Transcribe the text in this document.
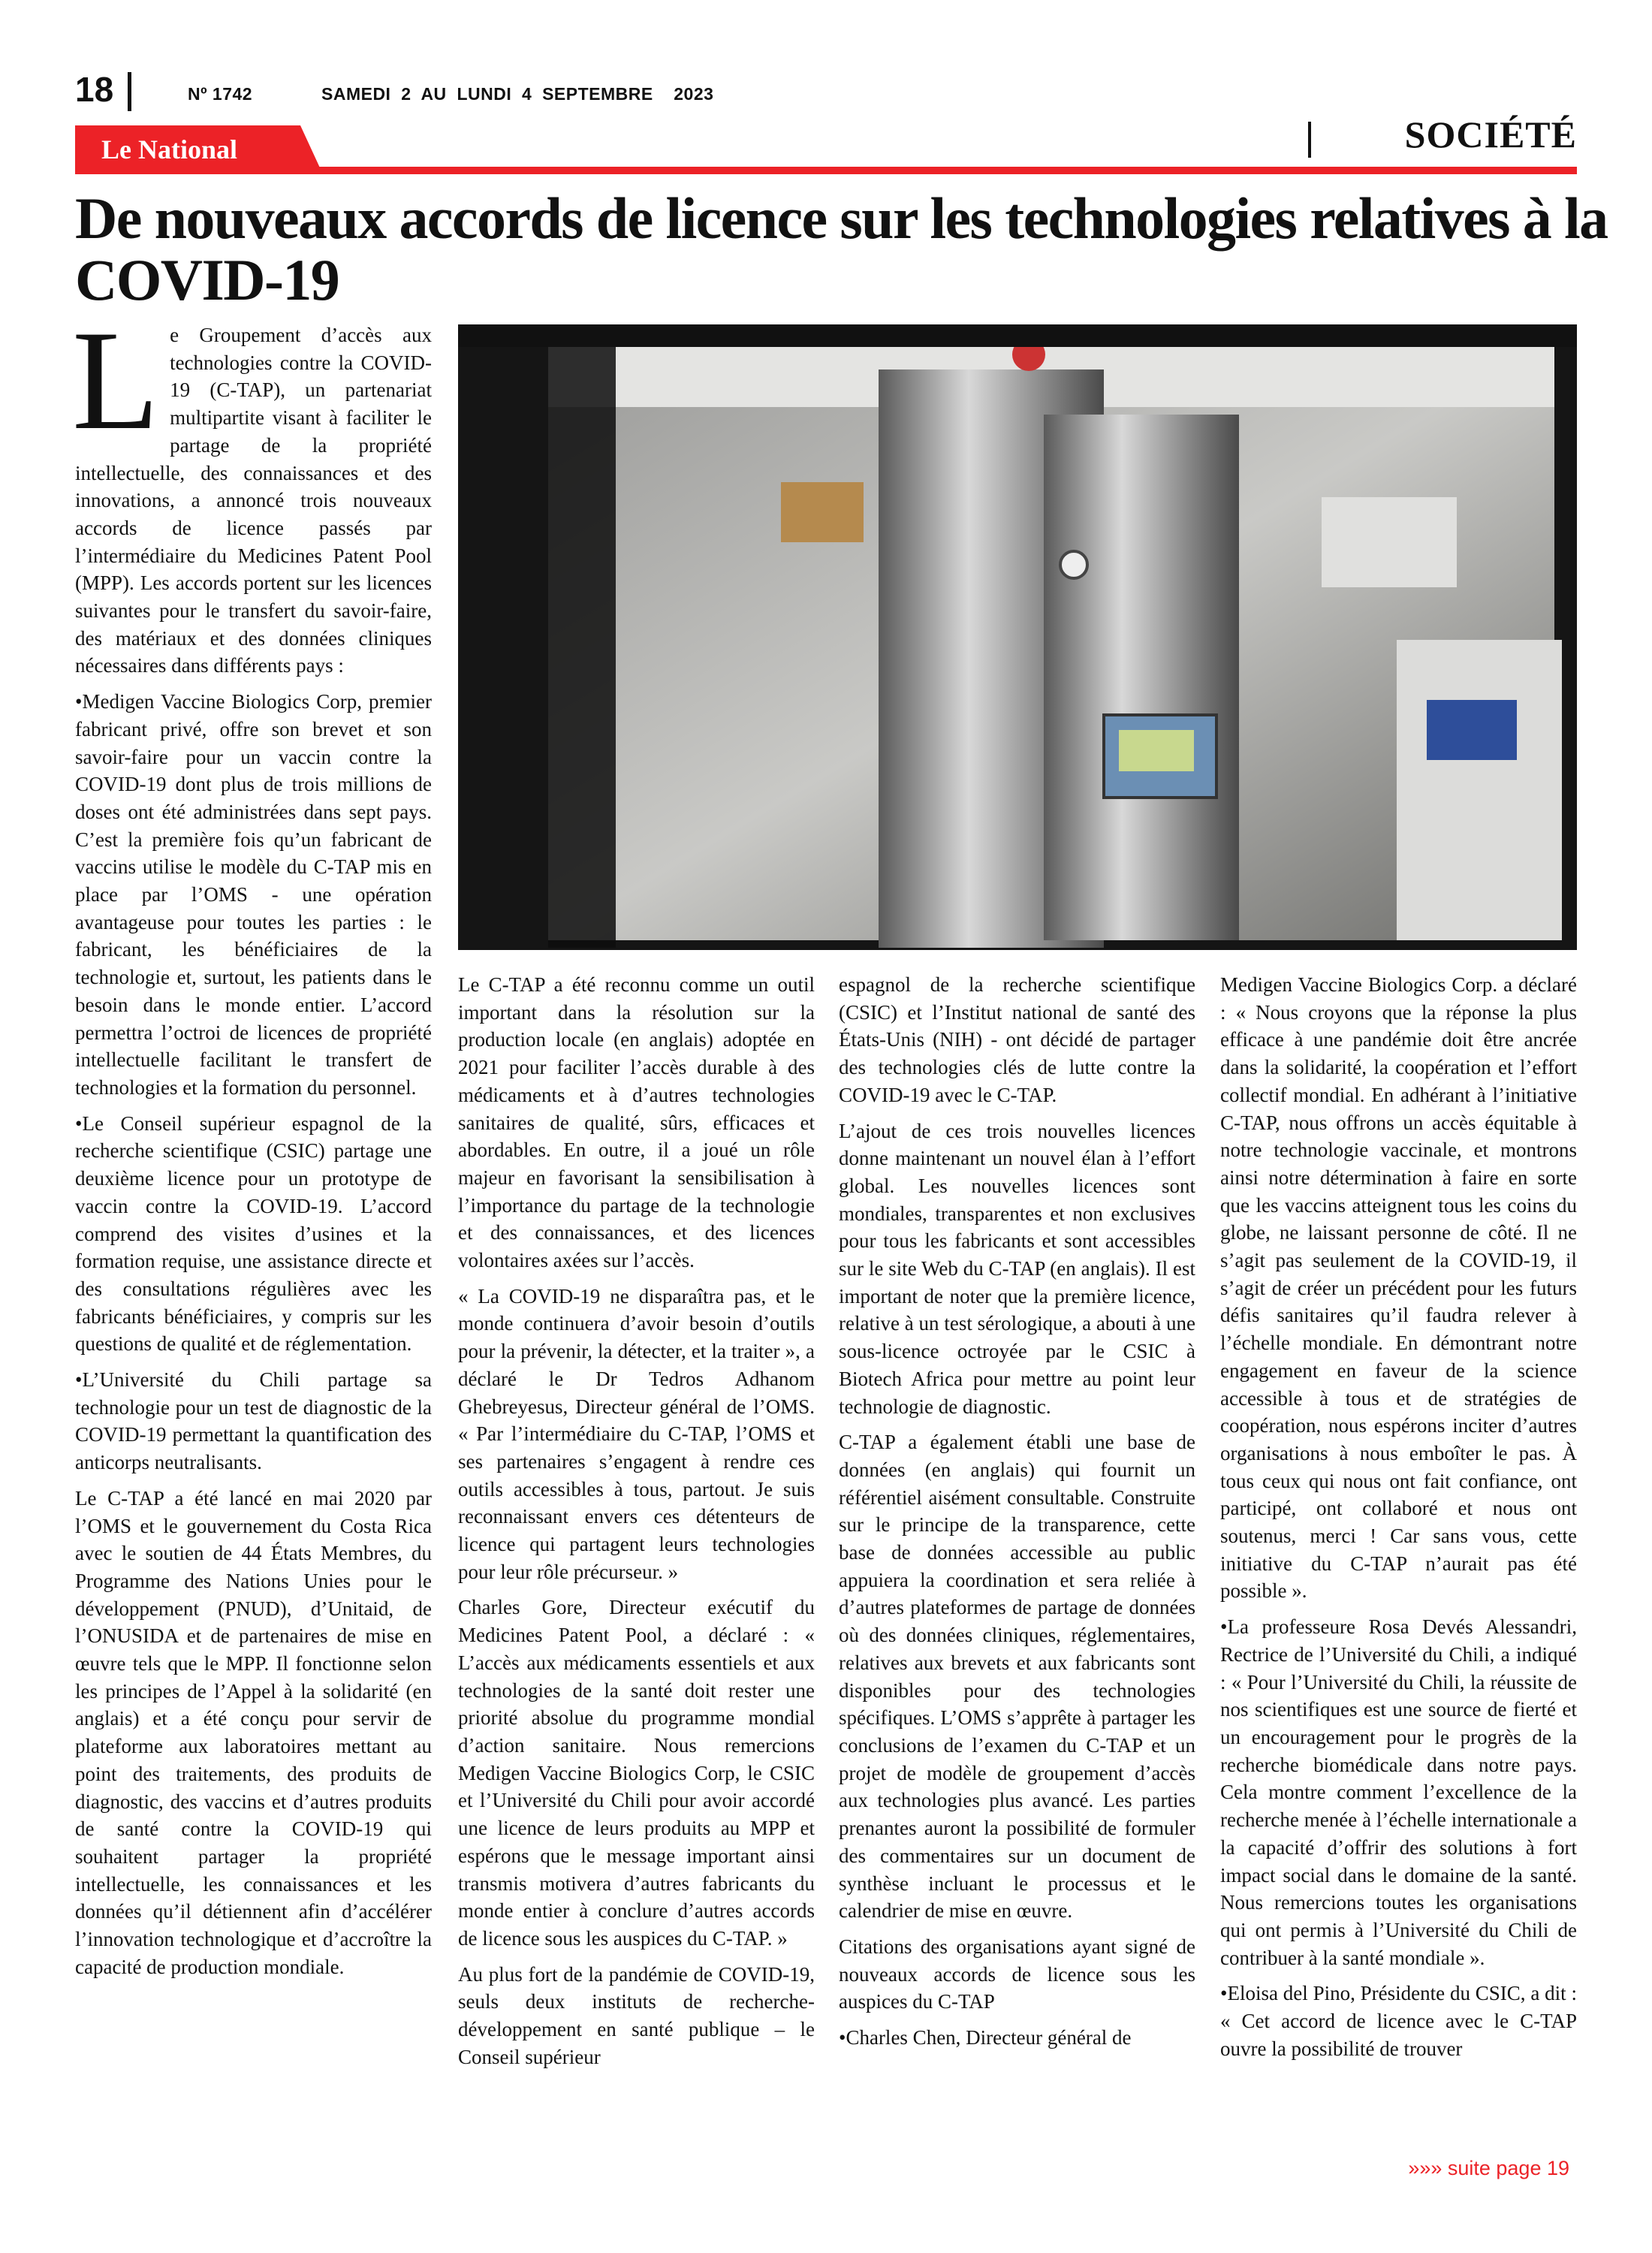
18	Nº 1742	SAMEDI  2  AU  LUNDI  4  SEPTEMBRE    2023
Le National	SOCIÉTÉ
De nouveaux accords de licence sur les technologies relatives à la COVID-19

Le Groupement d’accès aux technologies contre la COVID-19 (C-TAP), un partenariat multipartite visant à faciliter le partage de la propriété intellectuelle, des connaissances et des innovations, a annoncé trois nouveaux accords de licence passés par l’intermédiaire du Medicines Patent Pool (MPP). Les accords portent sur les licences suivantes pour le transfert du savoir-faire, des matériaux et des données cliniques nécessaires dans différents pays :

•Medigen Vaccine Biologics Corp, premier fabricant privé, offre son brevet et son savoir-faire pour un vaccin contre la COVID-19 dont plus de trois millions de doses ont été administrées dans sept pays. C’est la première fois qu’un fabricant de vaccins utilise le modèle du C-TAP mis en place par l’OMS - une opération avantageuse pour toutes les parties : le fabricant, les bénéficiaires de la technologie et, surtout, les patients dans le besoin dans le monde entier. L’accord permettra l’octroi de licences de propriété intellectuelle facilitant le transfert de technologies et la formation du personnel.

•Le Conseil supérieur espagnol de la recherche scientifique (CSIC) partage une deuxième licence pour un prototype de vaccin contre la COVID-19. L’accord comprend des visites d’usines et la formation requise, une assistance directe et des consultations régulières avec les fabricants bénéficiaires, y compris sur les questions de qualité et de réglementation.

•L’Université du Chili partage sa technologie pour un test de diagnostic de la COVID-19 permettant la quantification des anticorps neutralisants.

Le C-TAP a été lancé en mai 2020 par l’OMS et le gouvernement du Costa Rica avec le soutien de 44 États Membres, du Programme des Nations Unies pour le développement (PNUD), d’Unitaid, de l’ONUSIDA et de partenaires de mise en œuvre tels que le MPP. Il fonctionne selon les principes de l’Appel à la solidarité (en anglais) et a été conçu pour servir de plateforme aux laboratoires mettant au point des traitements, des produits de diagnostic, des vaccins et d’autres produits de santé contre la COVID-19 qui souhaitent partager la propriété intellectuelle, les connaissances et les données qu’il détiennent afin d’accélérer l’innovation technologique et d’accroître la capacité de production mondiale.

Le C-TAP a été reconnu comme un outil important dans la résolution sur la production locale (en anglais) adoptée en 2021 pour faciliter l’accès durable à des médicaments et à d’autres technologies sanitaires de qualité, sûrs, efficaces et abordables. En outre, il a joué un rôle majeur en favorisant la sensibilisation à l’importance du partage de la technologie et des connaissances, et des licences volontaires axées sur l’accès.

« La COVID-19 ne disparaîtra pas, et le monde continuera d’avoir besoin d’outils pour la prévenir, la détecter, et la traiter », a déclaré le Dr Tedros Adhanom Ghebreyesus, Directeur général de l’OMS. « Par l’intermédiaire du C-TAP, l’OMS et ses partenaires s’engagent à rendre ces outils accessibles à tous, partout. Je suis reconnaissant envers ces détenteurs de licence qui partagent leurs technologies pour leur rôle précurseur. »

Charles Gore, Directeur exécutif du Medicines Patent Pool, a déclaré : « L’accès aux médicaments essentiels et aux technologies de la santé doit rester une priorité absolue du programme mondial d’action sanitaire. Nous remercions Medigen Vaccine Biologics Corp, le CSIC et l’Université du Chili pour avoir accordé une licence de leurs produits au MPP et espérons que le message important ainsi transmis motivera d’autres fabricants du monde entier à conclure d’autres accords de licence sous les auspices du C-TAP. »

Au plus fort de la pandémie de COVID-19, seuls deux instituts de recherche-développement en santé publique – le Conseil supérieur

espagnol de la recherche scientifique (CSIC) et l’Institut national de santé des États-Unis (NIH) - ont décidé de partager des technologies clés de lutte contre la COVID-19 avec le C-TAP.

L’ajout de ces trois nouvelles licences donne maintenant un nouvel élan à l’effort global. Les nouvelles licences sont mondiales, transparentes et non exclusives pour tous les fabricants et sont accessibles sur le site Web du C-TAP (en anglais). Il est important de noter que la première licence, relative à un test sérologique, a abouti à une sous-licence octroyée par le CSIC à Biotech Africa pour mettre au point leur technologie de diagnostic.

C-TAP a également établi une base de données (en anglais) qui fournit un référentiel aisément consultable. Construite sur le principe de la transparence, cette base de données accessible au public appuiera la coordination et sera reliée à d’autres plateformes de partage de données où des données cliniques, réglementaires, relatives aux brevets et aux fabricants sont disponibles pour des technologies spécifiques. L’OMS s’apprête à partager les conclusions de l’examen du C-TAP et un projet de modèle de groupement d’accès aux technologies plus avancé. Les parties prenantes auront la possibilité de formuler des commentaires sur un document de synthèse incluant le processus et le calendrier de mise en œuvre.

Citations des organisations ayant signé de nouveaux accords de licence sous les auspices du C-TAP

•Charles Chen, Directeur général de

Medigen Vaccine Biologics Corp. a déclaré : « Nous croyons que la réponse la plus efficace à une pandémie doit être ancrée dans la solidarité, la coopération et l’effort collectif mondial. En adhérant à l’initiative C-TAP, nous offrons un accès équitable à notre technologie vaccinale, et montrons ainsi notre détermination à faire en sorte que les vaccins atteignent tous les coins du globe, ne laissant personne de côté. Il ne s’agit pas seulement de la COVID-19, il s’agit de créer un précédent pour les futurs défis sanitaires qu’il faudra relever à l’échelle mondiale. En démontrant notre engagement en faveur de la science accessible à tous et de stratégies de coopération, nous espérons inciter d’autres organisations à nous emboîter le pas. À tous ceux qui nous ont fait confiance, ont participé, ont collaboré et nous ont soutenus, merci ! Car sans vous, cette initiative du C-TAP n’aurait pas été possible ».

•La professeure Rosa Devés Alessandri, Rectrice de l’Université du Chili, a indiqué : « Pour l’Université du Chili, la réussite de nos scientifiques est une source de fierté et un encouragement pour le progrès de la recherche biomédicale dans notre pays. Cela montre comment l’excellence de la recherche menée à l’échelle internationale a la capacité d’offrir des solutions à fort impact social dans le domaine de la santé. Nous remercions toutes les organisations qui ont permis à l’Université du Chili de contribuer à la santé mondiale ».

•Eloisa del Pino, Présidente du CSIC, a dit : « Cet accord de licence avec le C-TAP ouvre la possibilité de trouver

»»» suite page 19
